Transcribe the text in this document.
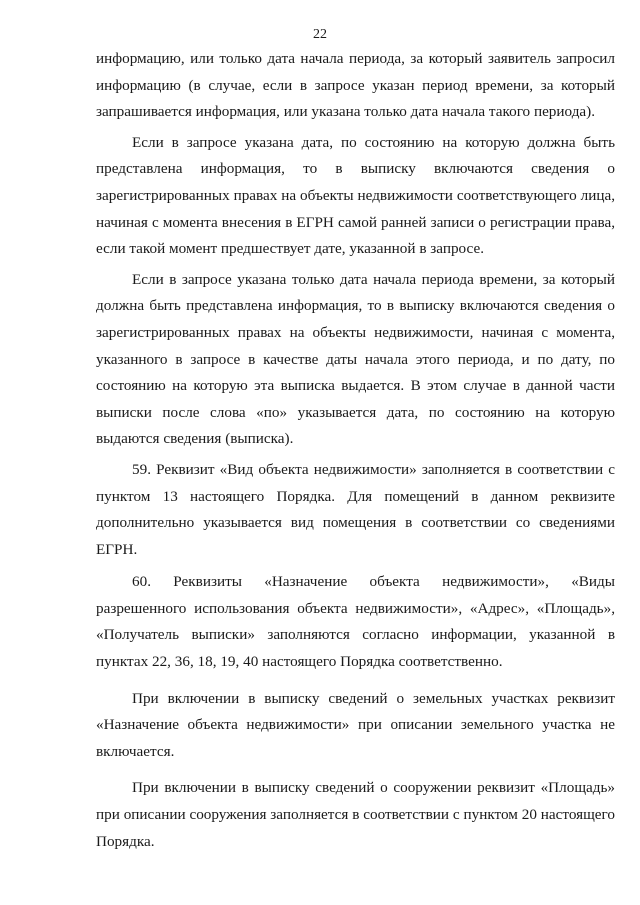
22

информацию, или только дата начала периода, за который заявитель запросил информацию (в случае, если в запросе указан период времени, за который запрашивается информация, или указана только дата начала такого периода).

Если в запросе указана дата, по состоянию на которую должна быть представлена информация, то в выписку включаются сведения о зарегистрированных правах на объекты недвижимости соответствующего лица, начиная с момента внесения в ЕГРН самой ранней записи о регистрации права, если такой момент предшествует дате, указанной в запросе.

Если в запросе указана только дата начала периода времени, за который должна быть представлена информация, то в выписку включаются сведения о зарегистрированных правах на объекты недвижимости, начиная с момента, указанного в запросе в качестве даты начала этого периода, и по дату, по состоянию на которую эта выписка выдается. В этом случае в данной части выписки после слова «по» указывается дата, по состоянию на которую выдаются сведения (выписка).

59. Реквизит «Вид объекта недвижимости» заполняется в соответствии с пунктом 13 настоящего Порядка. Для помещений в данном реквизите дополнительно указывается вид помещения в соответствии со сведениями ЕГРН.

60. Реквизиты «Назначение объекта недвижимости», «Виды разрешенного использования объекта недвижимости», «Адрес», «Площадь», «Получатель выписки» заполняются согласно информации, указанной в пунктах 22, 36, 18, 19, 40 настоящего Порядка соответственно.

При включении в выписку сведений о земельных участках реквизит «Назначение объекта недвижимости» при описании земельного участка не включается.

При включении в выписку сведений о сооружении реквизит «Площадь» при описании сооружения заполняется в соответствии с пунктом 20 настоящего Порядка.
